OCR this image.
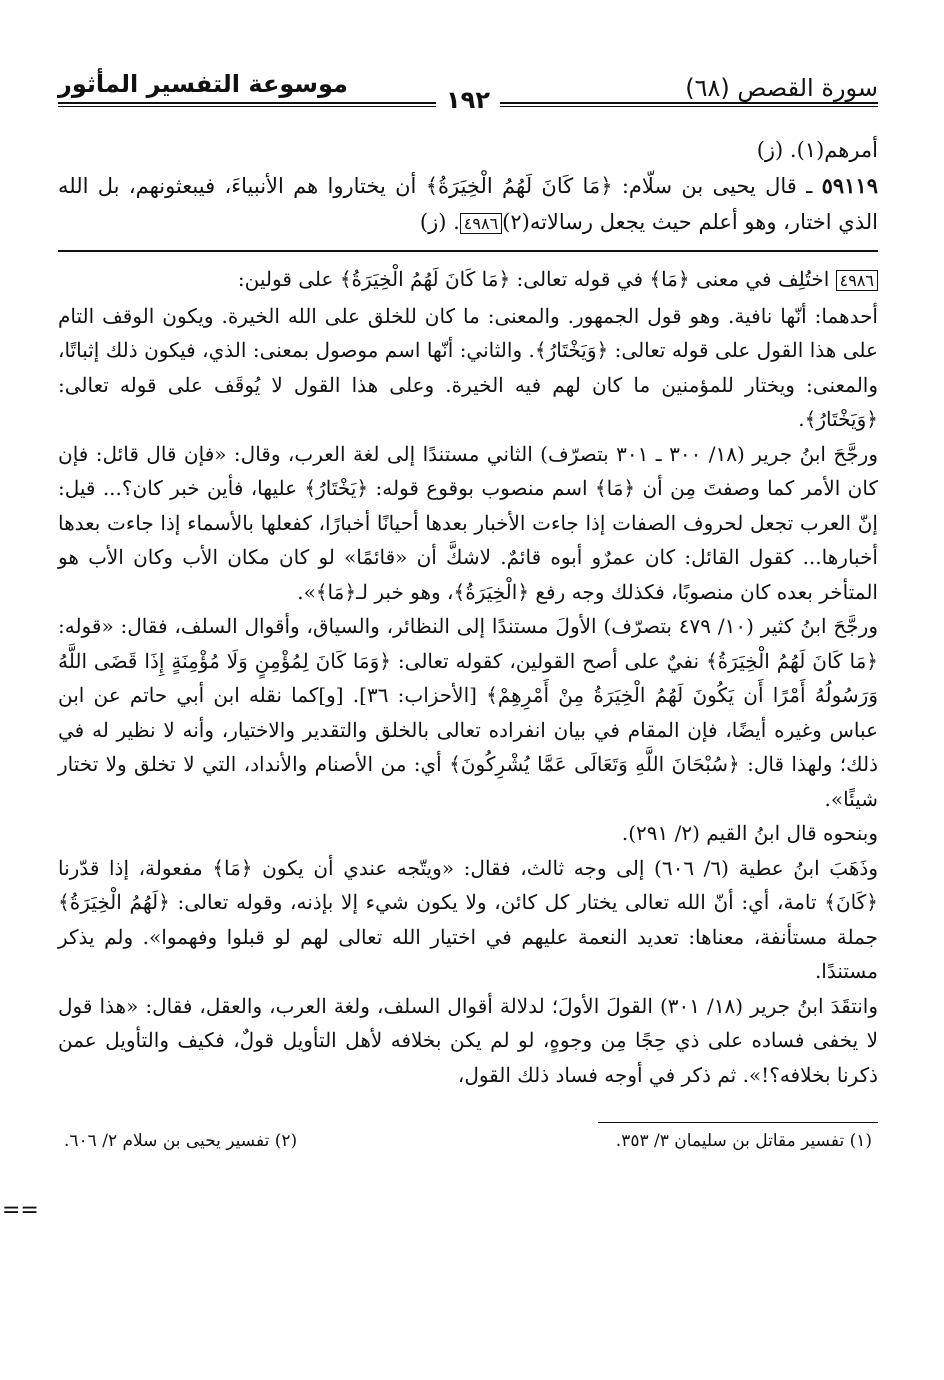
سورة القصص (٦٨)
موسوعة التفسير المأثور
١٩٢

أمرهم(١). (ز)

٥٩١١٩ ـ قال يحيى بن سلّام: ﴿مَا كَانَ لَهُمُ الْخِيَرَةُ﴾ أن يختاروا هم الأنبياءَ، فيبعثونهم، بل الله الذي اختار، وهو أعلم حيث يجعل رسالاته(٢)٤٩٨٦. (ز)

٤٩٨٦ اختُلِف في معنى ﴿مَا﴾ في قوله تعالى: ﴿مَا كَانَ لَهُمُ الْخِيَرَةُ﴾ على قولين:

أحدهما: أنّها نافية. وهو قول الجمهور. والمعنى: ما كان للخلق على الله الخيرة. ويكون الوقف التام على هذا القول على قوله تعالى: ﴿وَيَخْتَارُ﴾. والثاني: أنّها اسم موصول بمعنى: الذي، فيكون ذلك إثباتًا، والمعنى: ويختار للمؤمنين ما كان لهم فيه الخيرة. وعلى هذا القول لا يُوقَف على قوله تعالى: ﴿وَيَخْتَارُ﴾.

ورجَّحَ ابنُ جرير (١٨/ ٣٠٠ ـ ٣٠١ بتصرّف) الثاني مستندًا إلى لغة العرب، وقال: «فإن قال قائل: فإن كان الأمر كما وصفتَ مِن أن ﴿مَا﴾ اسم منصوب بوقوع قوله: ﴿يَخْتَارُ﴾ عليها، فأين خبر كان؟... قيل: إنّ العرب تجعل لحروف الصفات إذا جاءت الأخبار بعدها أحيانًا أخبارًا، كفعلها بالأسماء إذا جاءت بعدها أخبارها... كقول القائل: كان عمرٌو أبوه قائمٌ. لاشكَّ أن «قائمًا» لو كان مكان الأب وكان الأب هو المتأخر بعده كان منصوبًا، فكذلك وجه رفع ﴿الْخِيَرَةُ﴾، وهو خبر لـ﴿مَا﴾».

ورجَّحَ ابنُ كثير (١٠/ ٤٧٩ بتصرّف) الأولَ مستندًا إلى النظائر، والسياق، وأقوال السلف، فقال: «قوله: ﴿مَا كَانَ لَهُمُ الْخِيَرَةُ﴾ نفيٌ على أصح القولين، كقوله تعالى: ﴿وَمَا كَانَ لِمُؤْمِنٍ وَلَا مُؤْمِنَةٍ إِذَا قَضَى اللَّهُ وَرَسُولُهُ أَمْرًا أَن يَكُونَ لَهُمُ الْخِيَرَةُ مِنْ أَمْرِهِمْ﴾ [الأحزاب: ٣٦]. [و]كما نقله ابن أبي حاتم عن ابن عباس وغيره أيضًا، فإن المقام في بيان انفراده تعالى بالخلق والتقدير والاختيار، وأنه لا نظير له في ذلك؛ ولهذا قال: ﴿سُبْحَانَ اللَّهِ وَتَعَالَى عَمَّا يُشْرِكُونَ﴾ أي: من الأصنام والأنداد، التي لا تخلق ولا تختار شيئًا».

وبنحوه قال ابنُ القيم (٢/ ٢٩١).

وذَهَبَ ابنُ عطية (٦/ ٦٠٦) إلى وجه ثالث، فقال: «ويتّجه عندي أن يكون ﴿مَا﴾ مفعولة، إذا قدّرنا ﴿كَانَ﴾ تامة، أي: أنّ الله تعالى يختار كل كائن، ولا يكون شيء إلا بإذنه، وقوله تعالى: ﴿لَهُمُ الْخِيَرَةُ﴾ جملة مستأنفة، معناها: تعديد النعمة عليهم في اختيار الله تعالى لهم لو قبلوا وفهموا». ولم يذكر مستندًا.

وانتقَدَ ابنُ جرير (١٨/ ٣٠١) القولَ الأولَ؛ لدلالة أقوال السلف، ولغة العرب، والعقل، فقال: «هذا قول لا يخفى فساده على ذي حِجًا مِن وجوهٍ، لو لم يكن بخلافه لأهل التأويل قولٌ، فكيف والتأويل عمن ذكرنا بخلافه؟!». ثم ذكر في أوجه فساد ذلك القول،

(١) تفسير مقاتل بن سليمان ٣/ ٣٥٣.
(٢) تفسير يحيى بن سلام ٢/ ٦٠٦.
==
